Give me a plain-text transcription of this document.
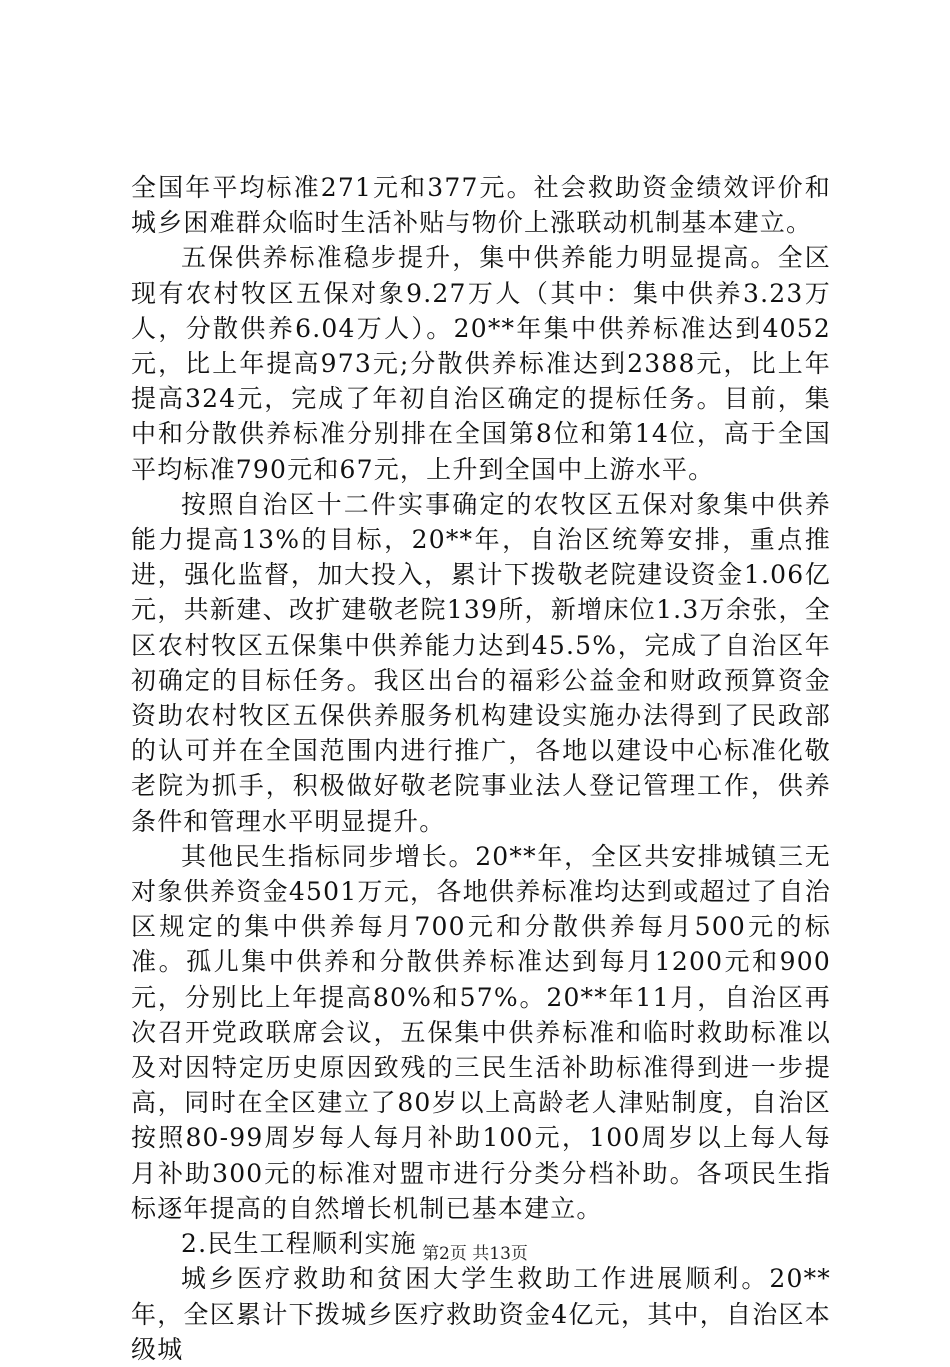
全国年平均标准271元和377元。社会救助资金绩效评价和城乡困难群众临时生活补贴与物价上涨联动机制基本建立。

五保供养标准稳步提升，集中供养能力明显提高。全区现有农村牧区五保对象9.27万人（其中：集中供养3.23万人，分散供养6.04万人）。20**年集中供养标准达到4052元，比上年提高973元;分散供养标准达到2388元，比上年提高324元，完成了年初自治区确定的提标任务。目前，集中和分散供养标准分别排在全国第8位和第14位，高于全国平均标准790元和67元，上升到全国中上游水平。

按照自治区十二件实事确定的农牧区五保对象集中供养能力提高13%的目标，20**年，自治区统筹安排，重点推进，强化监督，加大投入，累计下拨敬老院建设资金1.06亿元，共新建、改扩建敬老院139所，新增床位1.3万余张，全区农村牧区五保集中供养能力达到45.5%，完成了自治区年初确定的目标任务。我区出台的福彩公益金和财政预算资金资助农村牧区五保供养服务机构建设实施办法得到了民政部的认可并在全国范围内进行推广，各地以建设中心标准化敬老院为抓手，积极做好敬老院事业法人登记管理工作，供养条件和管理水平明显提升。

其他民生指标同步增长。20**年，全区共安排城镇三无对象供养资金4501万元，各地供养标准均达到或超过了自治区规定的集中供养每月700元和分散供养每月500元的标准。孤儿集中供养和分散供养标准达到每月1200元和900元，分别比上年提高80%和57%。20**年11月，自治区再次召开党政联席会议，五保集中供养标准和临时救助标准以及对因特定历史原因致残的三民生活补助标准得到进一步提高，同时在全区建立了80岁以上高龄老人津贴制度，自治区按照80-99周岁每人每月补助100元，100周岁以上每人每月补助300元的标准对盟市进行分类分档补助。各项民生指标逐年提高的自然增长机制已基本建立。

2.民生工程顺利实施

城乡医疗救助和贫困大学生救助工作进展顺利。20**年，全区累计下拨城乡医疗救助资金4亿元，其中，自治区本级城

第2页 共13页
